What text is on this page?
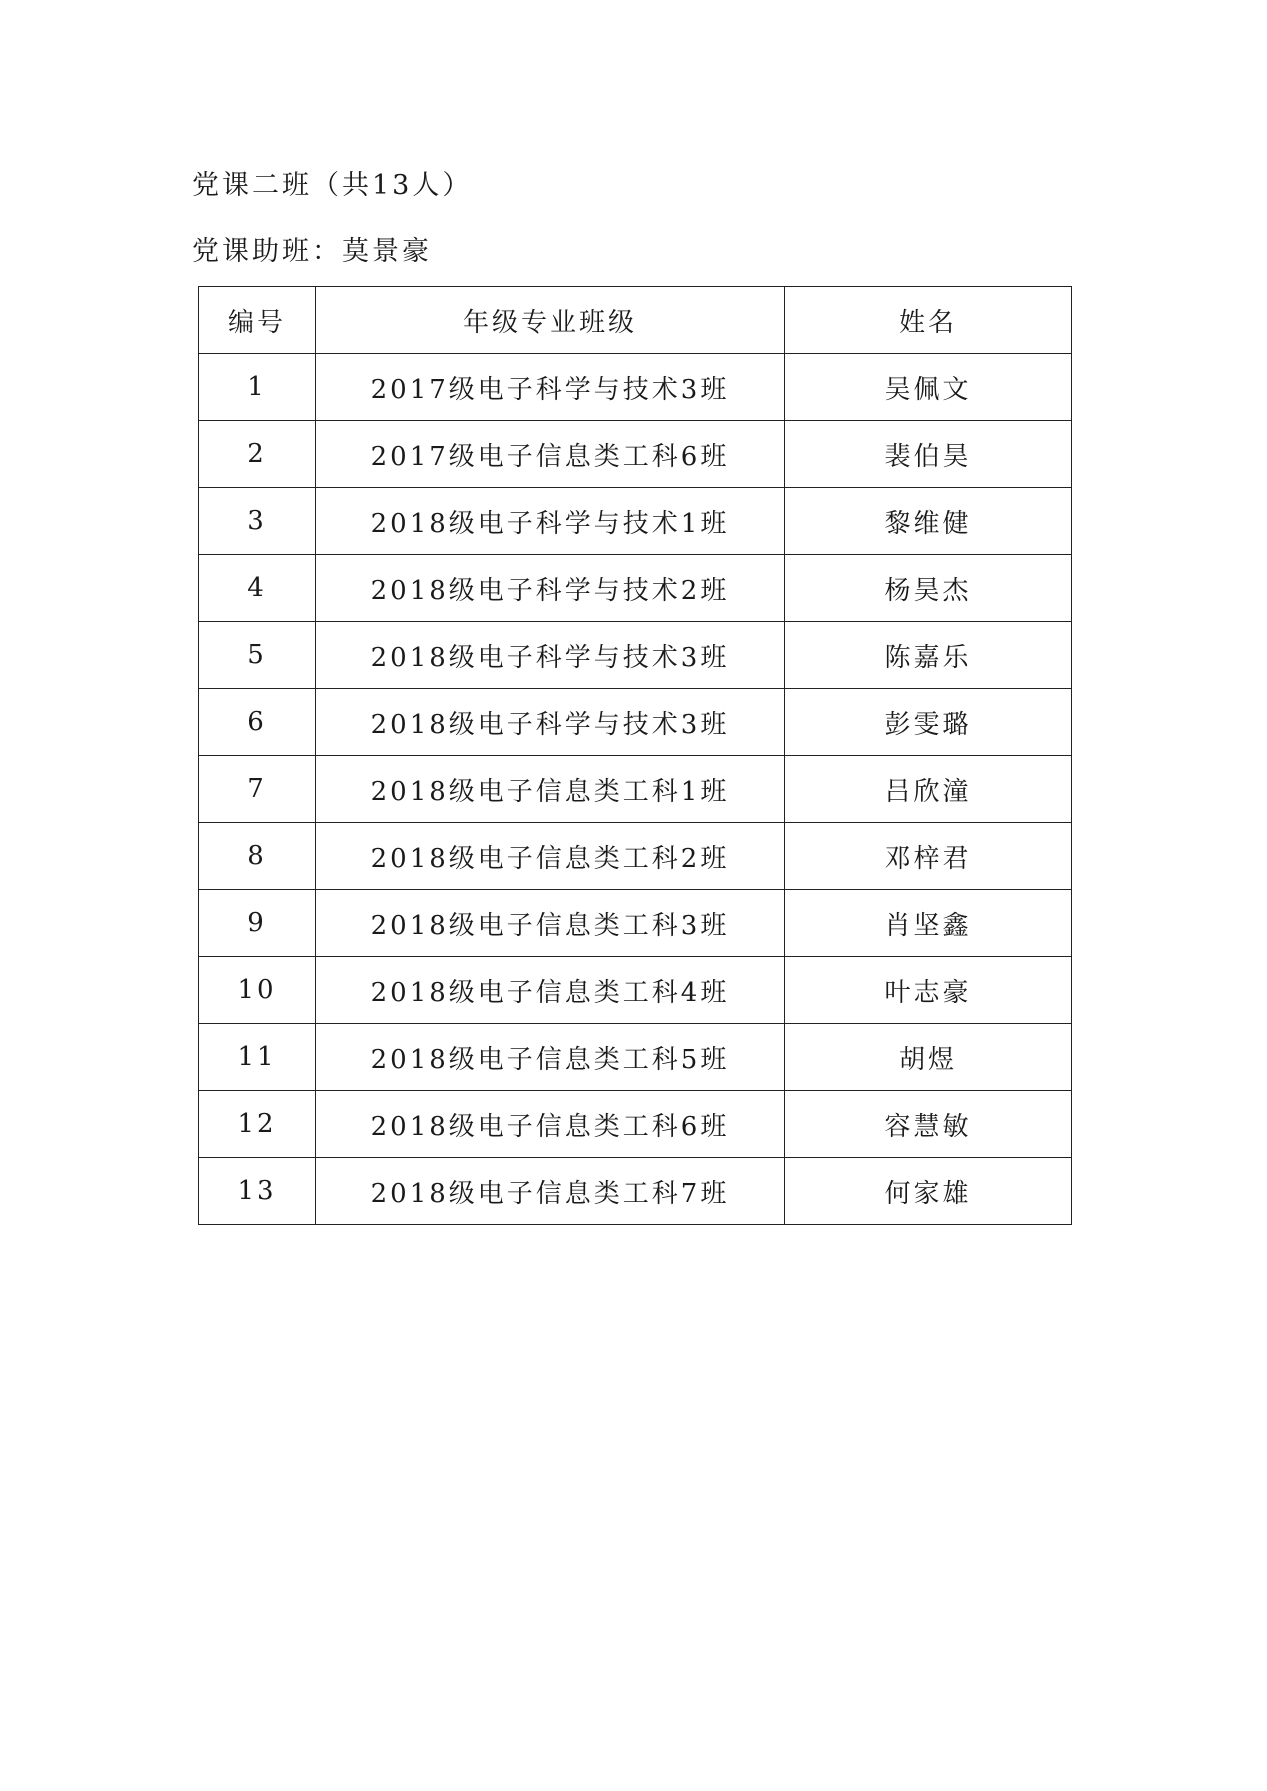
党课二班（共13人）
党课助班：莫景豪
编号	年级专业班级	姓名
1	2017级电子科学与技术3班	吴佩文
2	2017级电子信息类工科6班	裴伯昊
3	2018级电子科学与技术1班	黎维健
4	2018级电子科学与技术2班	杨昊杰
5	2018级电子科学与技术3班	陈嘉乐
6	2018级电子科学与技术3班	彭雯璐
7	2018级电子信息类工科1班	吕欣潼
8	2018级电子信息类工科2班	邓梓君
9	2018级电子信息类工科3班	肖坚鑫
10	2018级电子信息类工科4班	叶志豪
11	2018级电子信息类工科5班	胡煜
12	2018级电子信息类工科6班	容慧敏
13	2018级电子信息类工科7班	何家雄
